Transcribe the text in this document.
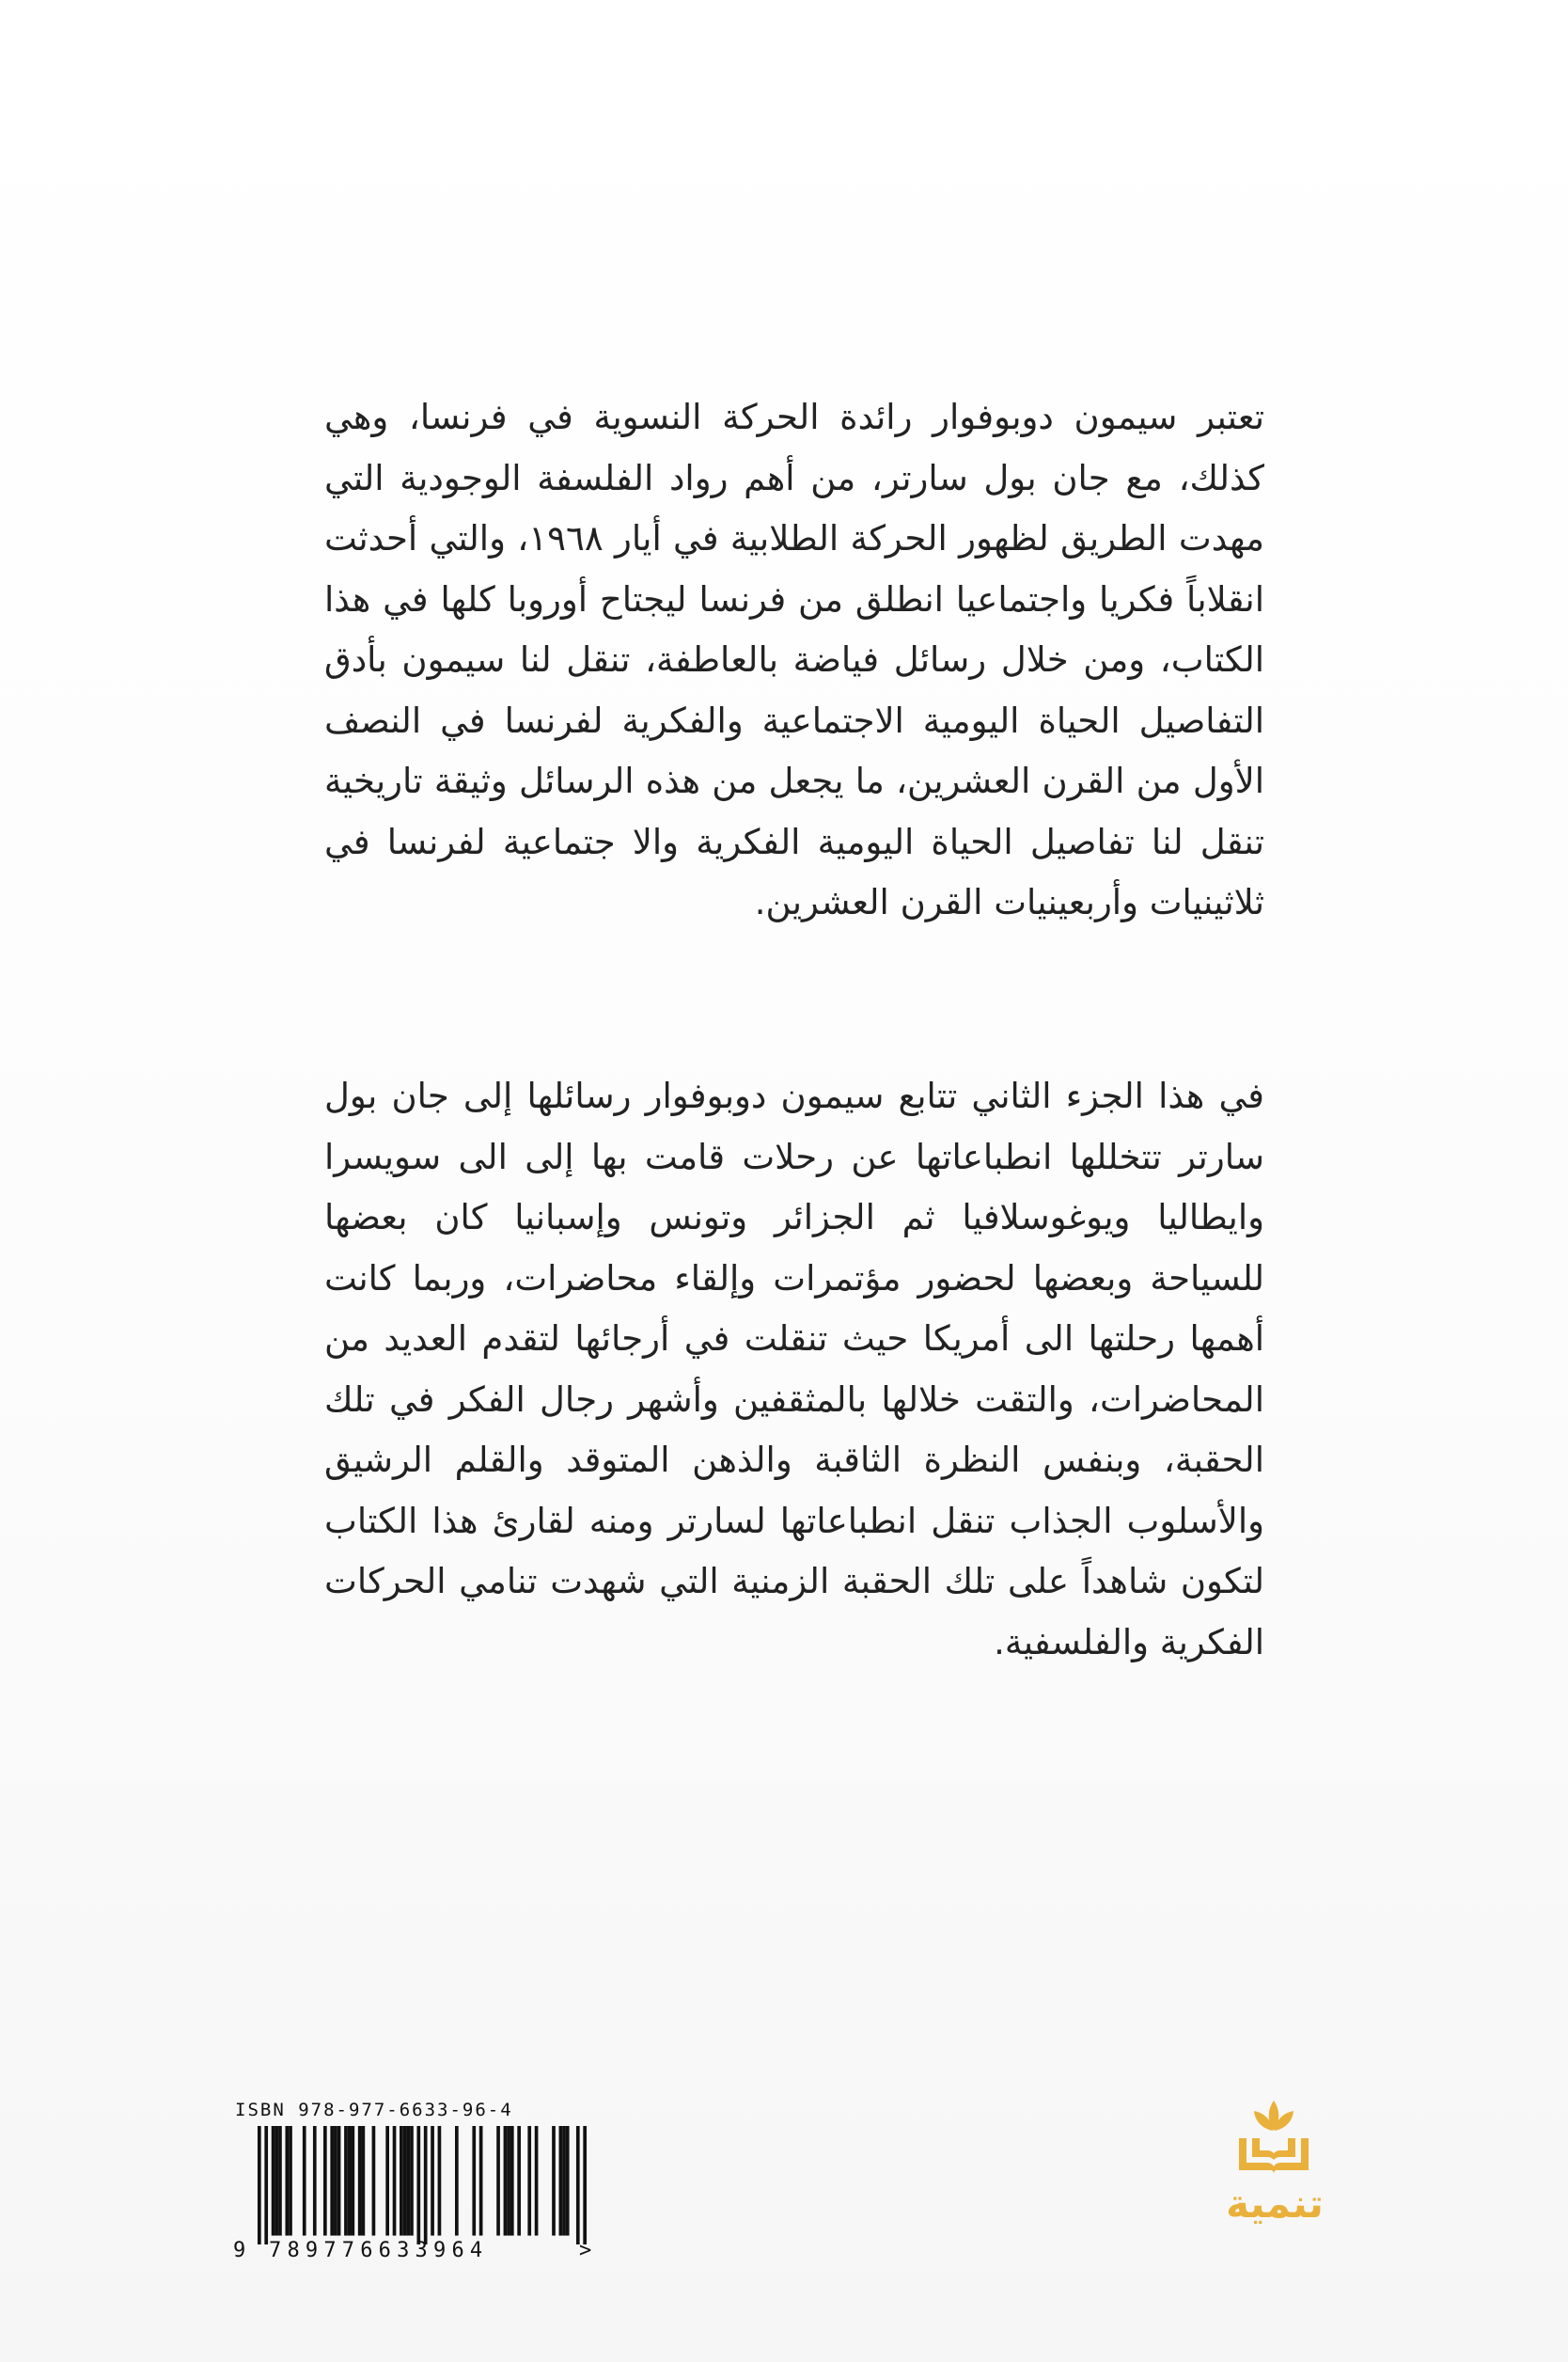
تعتبر سيمون دوبوفوار رائدة الحركة النسوية في فرنسا، وهي كذلك، مع جان بول سارتر، من أهم رواد الفلسفة الوجودية التي مهدت الطريق لظهور الحركة الطلابية في أيار ١٩٦٨، والتي أحدثت انقلاباً فكريا واجتماعيا انطلق من فرنسا ليجتاح أوروبا كلها في هذا الكتاب، ومن خلال رسائل فياضة بالعاطفة، تنقل لنا سيمون بأدق التفاصيل الحياة اليومية الاجتماعية والفكرية لفرنسا في النصف الأول من القرن العشرين، ما يجعل من هذه الرسائل وثيقة تاريخية تنقل لنا تفاصيل الحياة اليومية الفكرية والا جتماعية لفرنسا في ثلاثينيات وأربعينيات القرن العشرين.

في هذا الجزء الثاني تتابع سيمون دوبوفوار رسائلها إلى جان بول سارتر تتخللها انطباعاتها عن رحلات قامت بها إلى الى سويسرا وايطاليا ويوغوسلافيا ثم الجزائر وتونس وإسبانيا كان بعضها للسياحة وبعضها لحضور مؤتمرات وإلقاء محاضرات، وربما كانت أهمها رحلتها الى أمريكا حيث تنقلت في أرجائها لتقدم العديد من المحاضرات، والتقت خلالها بالمثقفين وأشهر رجال الفكر في تلك الحقبة، وبنفس النظرة الثاقبة والذهن المتوقد والقلم الرشيق والأسلوب الجذاب تنقل انطباعاتها لسارتر ومنه لقارئ هذا الكتاب لتكون شاهداً على تلك الحقبة الزمنية التي شهدت تنامي الحركات الفكرية والفلسفية.

ISBN 978-977-6633-96-4
9 789776633964	>
تنمية
